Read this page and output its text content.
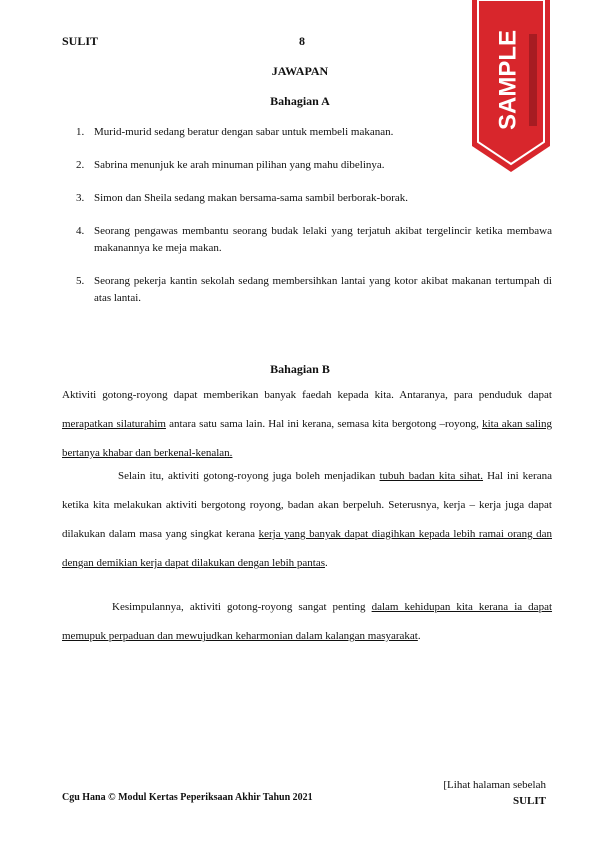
SULIT	8
JAWAPAN
Bahagian A
1. Murid-murid sedang beratur dengan sabar untuk membeli makanan.
2. Sabrina menunjuk ke arah minuman pilihan yang mahu dibelinya.
3. Simon dan Sheila sedang makan bersama-sama sambil berborak-borak.
4. Seorang pengawas membantu seorang budak lelaki yang terjatuh akibat tergelincir ketika membawa makanannya ke meja makan.
5. Seorang pekerja kantin sekolah sedang membersihkan lantai yang kotor akibat makanan tertumpah di atas lantai.
Bahagian B
Aktiviti gotong-royong dapat memberikan banyak faedah kepada kita. Antaranya, para penduduk dapat merapatkan silaturahim antara satu sama lain. Hal ini kerana, semasa kita bergotong –royong, kita akan saling bertanya khabar dan berkenal-kenalan.
Selain itu, aktiviti gotong-royong juga boleh menjadikan tubuh badan kita sihat. Hal ini kerana ketika kita melakukan aktiviti bergotong royong, badan akan berpeluh. Seterusnya, kerja – kerja juga dapat dilakukan dalam masa yang singkat kerana kerja yang banyak dapat diagihkan kepada lebih ramai orang dan dengan demikian kerja dapat dilakukan dengan lebih pantas.
Kesimpulannya, aktiviti gotong-royong sangat penting dalam kehidupan kita kerana ia dapat memupuk perpaduan dan mewujudkan keharmonian dalam kalangan masyarakat.
Cgu Hana © Modul Kertas Peperiksaan Akhir Tahun 2021
[Lihat halaman sebelah
SULIT
SAMPLE
